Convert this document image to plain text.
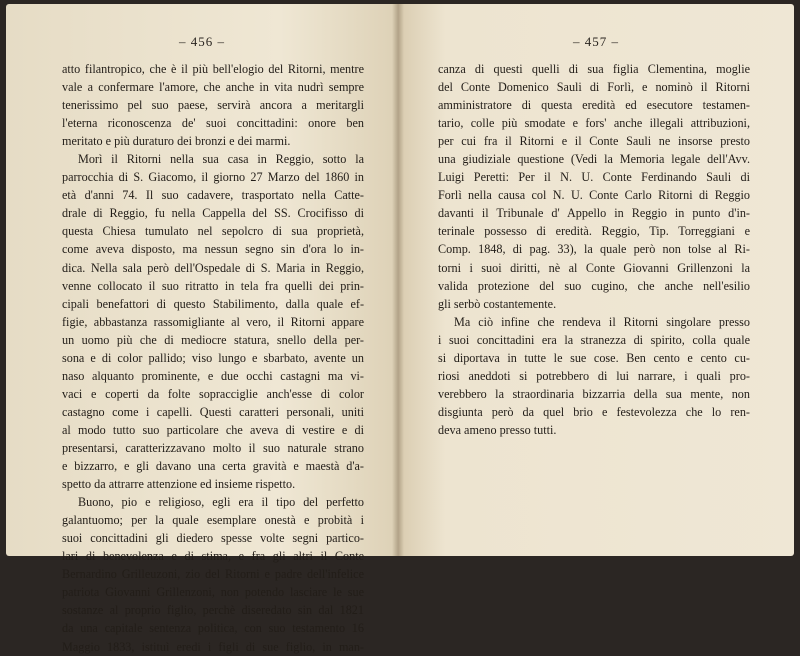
– 456 –
atto filantropico, che è il più bell'elogio del Ritorni, mentre
vale a confermare l'amore, che anche in vita nudrì sempre
tenerissimo pel suo paese, servirà ancora a meritargli
l'eterna riconoscenza de' suoi concittadini: onore ben
meritato e più duraturo dei bronzi e dei marmi.
Morì il Ritorni nella sua casa in Reggio, sotto la
parrocchia di S. Giacomo, il giorno 27 Marzo del 1860 in
età d'anni 74. Il suo cadavere, trasportato nella Catte-
drale di Reggio, fu nella Cappella del SS. Crocifisso di
questa Chiesa tumulato nel sepolcro di sua proprietà,
come aveva disposto, ma nessun segno sin d'ora lo in-
dica. Nella sala però dell'Ospedale di S. Maria in Reggio,
venne collocato il suo ritratto in tela fra quelli dei prin-
cipali benefattori di questo Stabilimento, dalla quale ef-
figie, abbastanza rassomigliante al vero, il Ritorni appare
un uomo più che di mediocre statura, snello della per-
sona e di color pallido; viso lungo e sbarbato, avente un
naso alquanto prominente, e due occhi castagni ma vi-
vaci e coperti da folte sopracciglie anch'esse di color
castagno come i capelli. Questi caratteri personali, uniti
al modo tutto suo particolare che aveva di vestire e di
presentarsi, caratterizzavano molto il suo naturale strano
e bizzarro, e gli davano una certa gravità e maestà d'a-
spetto da attrarre attenzione ed insieme rispetto.
Buono, pio e religioso, egli era il tipo del perfetto
galantuomo; per la quale esemplare onestà e probità i
suoi concittadini gli diedero spesse volte segni partico-
lari di benevolenza e di stima, e fra gli altri il Conte
Bernardino Grilleuzoni, zio del Ritorni e padre dell'infelice
patriota Giovanni Grillenzoni, non potendo lasciare le sue
sostanze al proprio figlio, perchè diseredato sin dal 1821
da una capitale sentenza politica, con suo testamento 16
Maggio 1833, istituì eredi i figli di sue figlio, in man-
– 457 –
canza di questi quelli di sua figlia Clementina, moglie
del Conte Domenico Sauli di Forlì, e nominò il Ritorni
amministratore di questa eredità ed esecutore testamen-
tario, colle più smodate e fors' anche illegali attribuzioni,
per cui fra il Ritorni e il Conte Sauli ne insorse presto
una giudiziale questione (Vedi la Memoria legale dell'Avv.
Luigi Peretti: Per il N. U. Conte Ferdinando Sauli di
Forlì nella causa col N. U. Conte Carlo Ritorni di Reggio
davanti il Tribunale d' Appello in Reggio in punto d'in-
terinale possesso di eredità. Reggio, Tip. Torreggiani e
Comp. 1848, di pag. 33), la quale però non tolse al Ri-
torni i suoi diritti, nè al Conte Giovanni Grillenzoni la
valida protezione del suo cugino, che anche nell'esilio
gli serbò costantemente.
Ma ciò infine che rendeva il Ritorni singolare presso
i suoi concittadini era la stranezza di spirito, colla quale
si diportava in tutte le sue cose. Ben cento e cento cu-
riosi aneddoti si potrebbero di lui narrare, i quali pro-
verebbero la straordinaria bizzarria della sua mente, non
disgiunta però da quel brio e festevolezza che lo ren-
deva ameno presso tutti.
